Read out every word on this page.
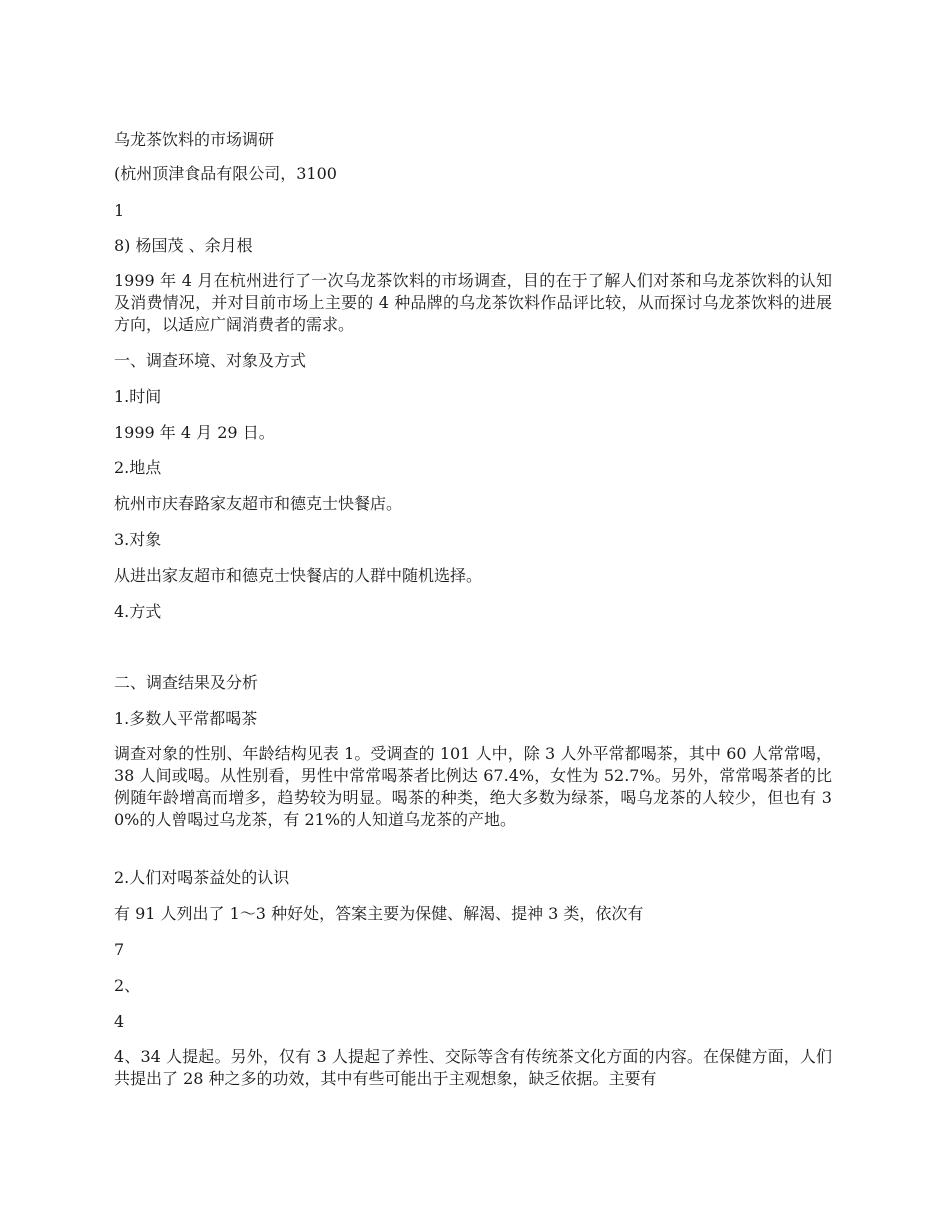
乌龙茶饮料的市场调研

(杭州顶津食品有限公司，3100

1

8) 杨国茂 、余月根

1999 年 4 月在杭州进行了一次乌龙茶饮料的市场调查，目的在于了解人们对茶和乌龙茶饮料的认知及消费情况，并对目前市场上主要的 4 种品牌的乌龙茶饮料作品评比较，从而探讨乌龙茶饮料的进展方向，以适应广阔消费者的需求。

一、调查环境、对象及方式

1.时间

1999 年 4 月 29 日。

2.地点

杭州市庆春路家友超市和德克士快餐店。

3.对象

从进出家友超市和德克士快餐店的人群中随机选择。

4.方式

二、调查结果及分析

1.多数人平常都喝茶

调查对象的性别、年龄结构见表 1。受调查的 101 人中，除 3 人外平常都喝茶，其中 60 人常常喝，38 人间或喝。从性别看，男性中常常喝茶者比例达 67.4%，女性为 52.7%。另外，常常喝茶者的比例随年龄增高而增多，趋势较为明显。喝茶的种类，绝大多数为绿茶，喝乌龙茶的人较少，但也有 30%的人曾喝过乌龙茶，有 21%的人知道乌龙茶的产地。

2.人们对喝茶益处的认识

有 91 人列出了 1～3 种好处，答案主要为保健、解渴、提神 3 类，依次有

7

2、

4

4、34 人提起。另外，仅有 3 人提起了养性、交际等含有传统茶文化方面的内容。在保健方面，人们共提出了 28 种之多的功效，其中有些可能出于主观想象，缺乏依据。主要有
